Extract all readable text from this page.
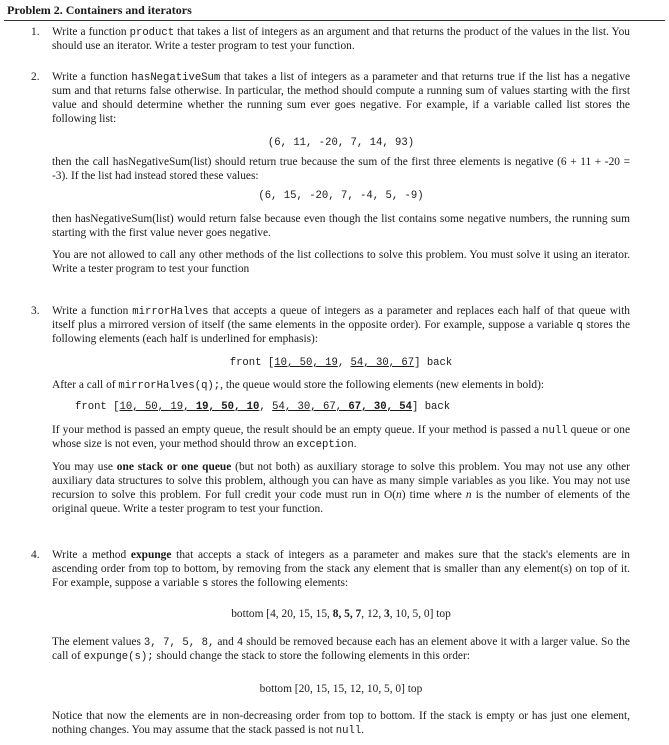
Problem 2. Containers and iterators
1. Write a function product that takes a list of integers as an argument and that returns the product of the values in the list. You should use an iterator. Write a tester program to test your function.

2. Write a function hasNegativeSum that takes a list of integers as a parameter and that returns true if the list has a negative sum and that returns false otherwise. In particular, the method should compute a running sum of values starting with the first value and should determine whether the running sum ever goes negative. For example, if a variable called list stores the following list:

(6, 11, -20, 7, 14, 93)

then the call hasNegativeSum(list) should return true because the sum of the first three elements is negative (6 + 11 + -20 = -3). If the list had instead stored these values:

(6, 15, -20, 7, -4, 5, -9)

then hasNegativeSum(list) would return false because even though the list contains some negative numbers, the running sum starting with the first value never goes negative.

You are not allowed to call any other methods of the list collections to solve this problem. You must solve it using an iterator. Write a tester program to test your function

3. Write a function mirrorHalves that accepts a queue of integers as a parameter and replaces each half of that queue with itself plus a mirrored version of itself (the same elements in the opposite order). For example, suppose a variable q stores the following elements (each half is underlined for emphasis):

front [10, 50, 19, 54, 30, 67] back

After a call of mirrorHalves(q);, the queue would store the following elements (new elements in bold):

front [10, 50, 19, 19, 50, 10, 54, 30, 67, 67, 30, 54] back

If your method is passed an empty queue, the result should be an empty queue. If your method is passed a null queue or one whose size is not even, your method should throw an exception.

You may use one stack or one queue (but not both) as auxiliary storage to solve this problem. You may not use any other auxiliary data structures to solve this problem, although you can have as many simple variables as you like. You may not use recursion to solve this problem. For full credit your code must run in O(n) time where n is the number of elements of the original queue. Write a tester program to test your function.

4. Write a method expunge that accepts a stack of integers as a parameter and makes sure that the stack's elements are in ascending order from top to bottom, by removing from the stack any element that is smaller than any element(s) on top of it. For example, suppose a variable s stores the following elements:

bottom [4, 20, 15, 15, 8, 5, 7, 12, 3, 10, 5, 0] top

The element values 3, 7, 5, 8, and 4 should be removed because each has an element above it with a larger value. So the call of expunge(s); should change the stack to store the following elements in this order:

bottom [20, 15, 15, 12, 10, 5, 0] top

Notice that now the elements are in non-decreasing order from top to bottom. If the stack is empty or has just one element, nothing changes. You may assume that the stack passed is not null.
